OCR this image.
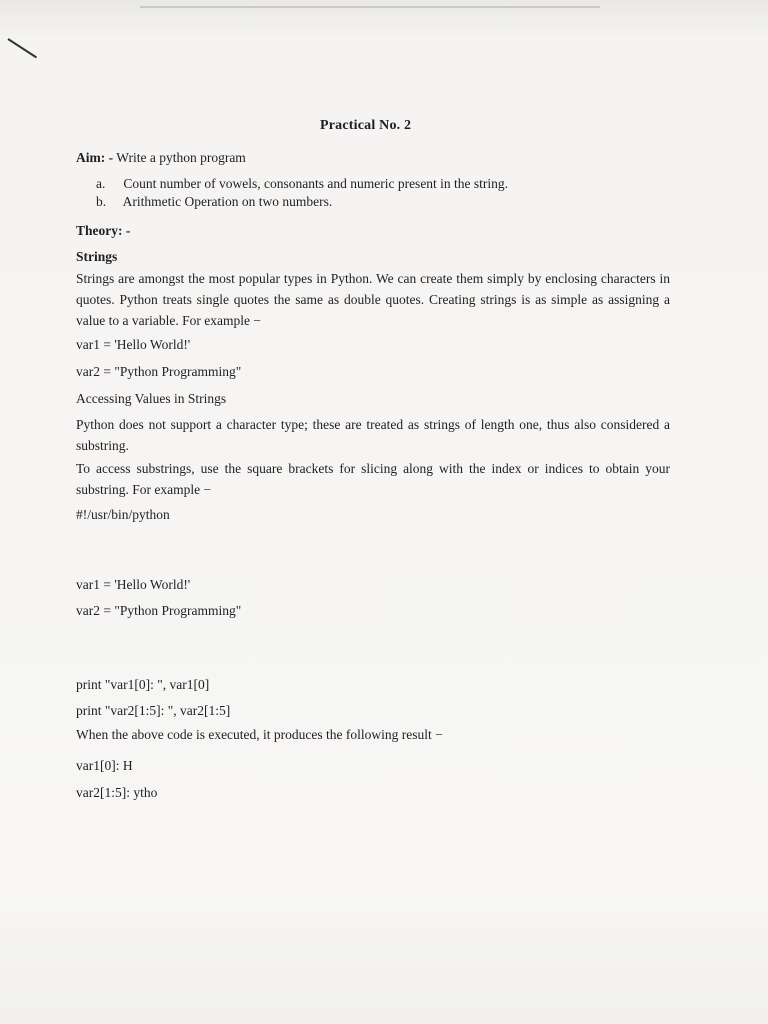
Practical No. 2
Aim: - Write a python program
a. Count number of vowels, consonants and numeric present in the string.
b. Arithmetic Operation on two numbers.
Theory: -
Strings
Strings are amongst the most popular types in Python. We can create them simply by enclosing characters in quotes. Python treats single quotes the same as double quotes. Creating strings is as simple as assigning a value to a variable. For example −
var1 = 'Hello World!'
var2 = "Python Programming"
Accessing Values in Strings
Python does not support a character type; these are treated as strings of length one, thus also considered a substring.
To access substrings, use the square brackets for slicing along with the index or indices to obtain your substring. For example −
#!/usr/bin/python
var1 = 'Hello World!'
var2 = "Python Programming"
print "var1[0]: ", var1[0]
print "var2[1:5]: ", var2[1:5]
When the above code is executed, it produces the following result −
var1[0]: H
var2[1:5]: ytho
